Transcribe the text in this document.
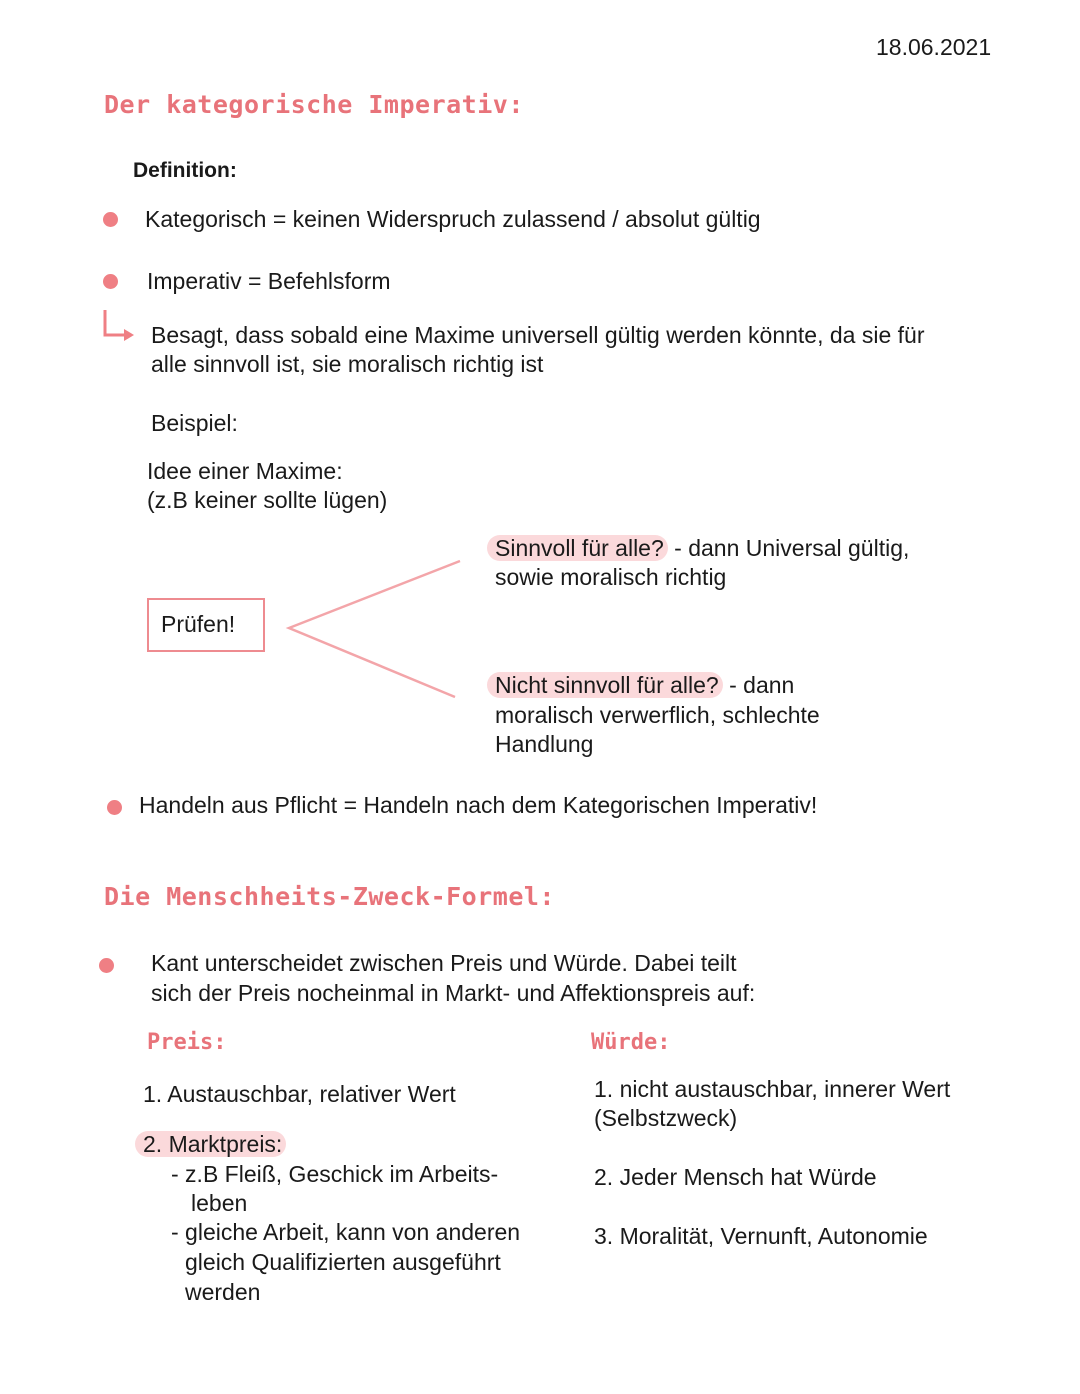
18.06.2021
Der kategorische Imperativ:
Definition:
Kategorisch = keinen Widerspruch zulassend / absolut gültig
Imperativ = Befehlsform
Besagt, dass sobald eine Maxime universell gültig werden könnte, da sie für
alle sinnvoll ist, sie moralisch richtig ist
Beispiel:
Idee einer Maxime:
(z.B keiner sollte lügen)
Prüfen!
Sinnvoll für alle? - dann Universal gültig,
sowie moralisch richtig
Nicht sinnvoll für alle? - dann
moralisch verwerflich, schlechte
Handlung
Handeln aus Pflicht = Handeln nach dem Kategorischen Imperativ!
Die Menschheits-Zweck-Formel:
Kant unterscheidet zwischen Preis und Würde. Dabei teilt
sich der Preis nocheinmal in Markt- und Affektionspreis auf:
Preis:
1. Austauschbar, relativer Wert
2. Marktpreis:
- z.B Fleiß, Geschick im Arbeits-
leben
- gleiche Arbeit, kann von anderen
gleich Qualifizierten ausgeführt
werden
Würde:
1. nicht austauschbar, innerer Wert
(Selbstzweck)
2. Jeder Mensch hat Würde
3. Moralität, Vernunft, Autonomie
